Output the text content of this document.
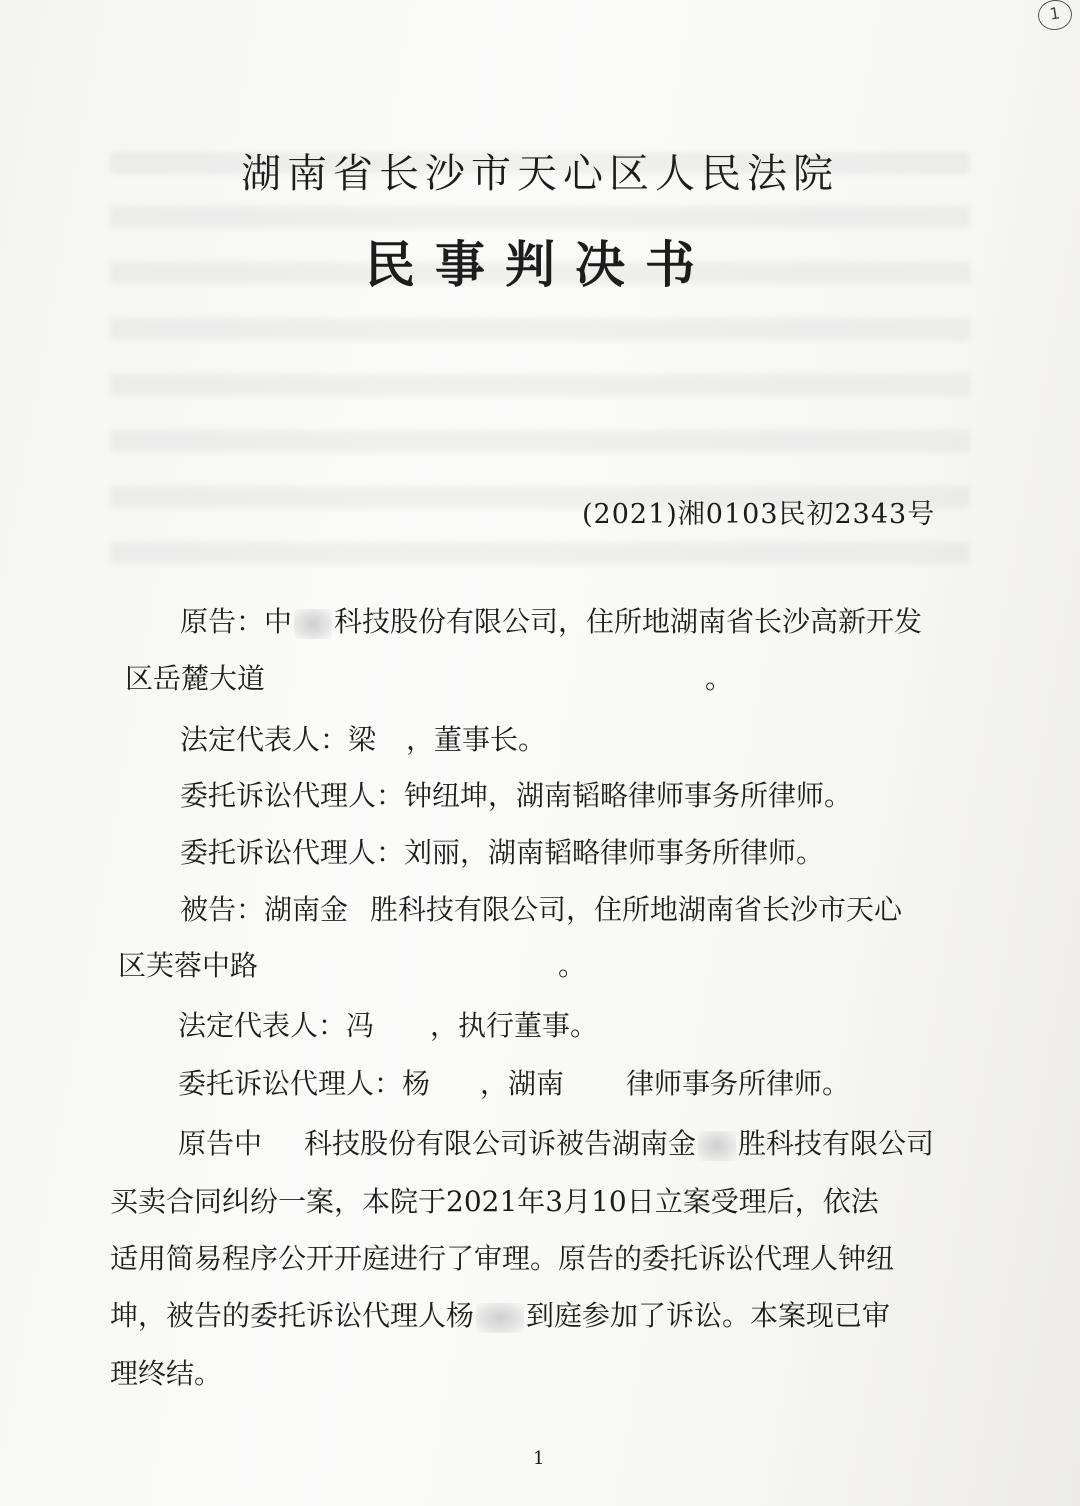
1
湖南省长沙市天心区人民法院
民事判决书
(2021)湘0103民初2343号
原告：中 科技股份有限公司，住所地湖南省长沙高新开发
区岳麓大道	。
法定代表人：梁 ，董事长。
委托诉讼代理人：钟纽坤，湖南韬略律师事务所律师。
委托诉讼代理人：刘丽，湖南韬略律师事务所律师。
被告：湖南金 胜科技有限公司，住所地湖南省长沙市天心
区芙蓉中路	。
法定代表人：冯 ，执行董事。
委托诉讼代理人：杨 ，湖南 律师事务所律师。
原告中 科技股份有限公司诉被告湖南金 胜科技有限公司
买卖合同纠纷一案，本院于2021年3月10日立案受理后，依法
适用简易程序公开开庭进行了审理。原告的委托诉讼代理人钟纽
坤，被告的委托诉讼代理人杨 到庭参加了诉讼。本案现已审
理终结。
1
